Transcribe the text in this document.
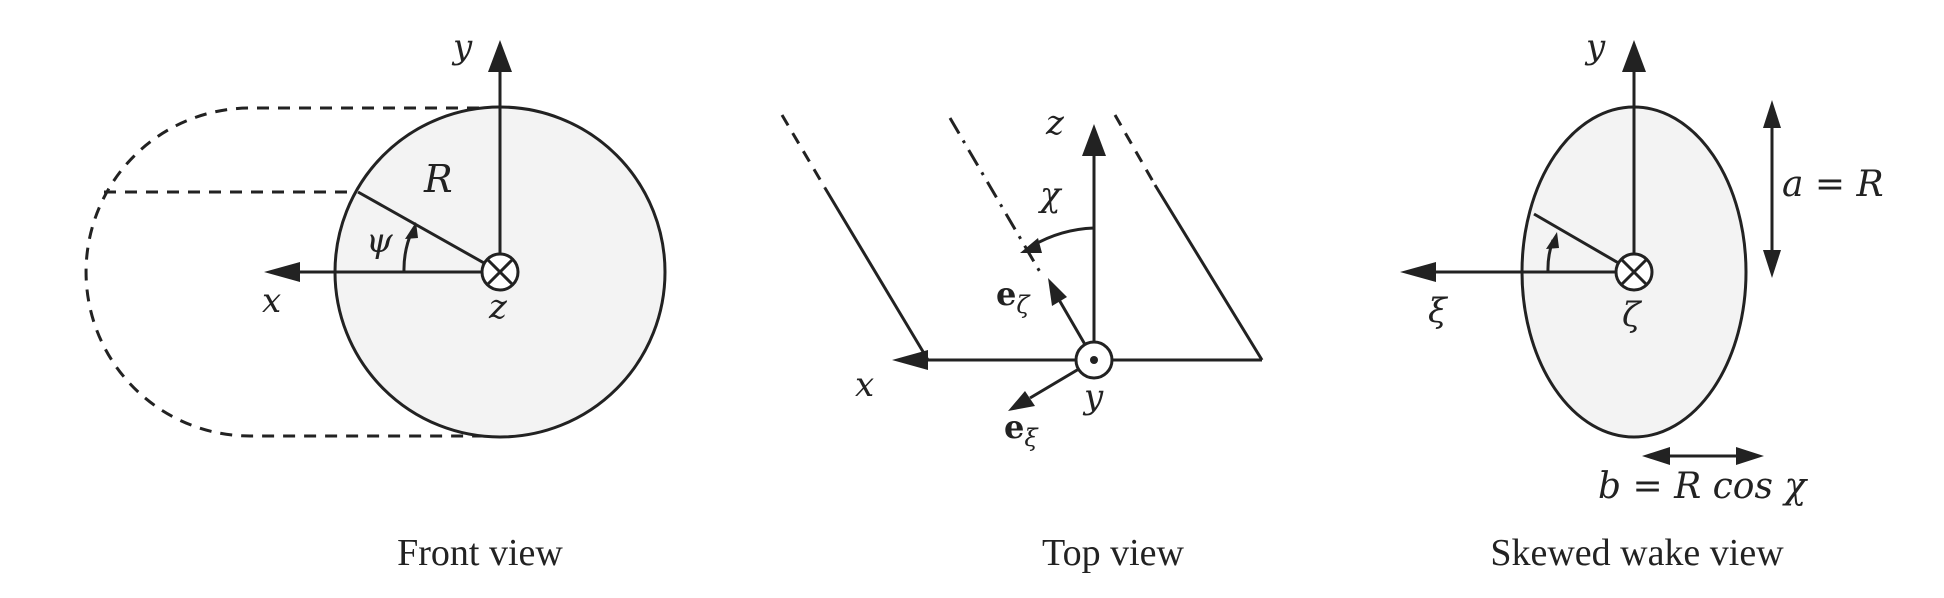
y
x	z
R
ψ
Front view
z
χ
x	y
eζ
eξ
Top view
y
ξ	ζ
a = R
b = R cos χ
Skewed wake view
